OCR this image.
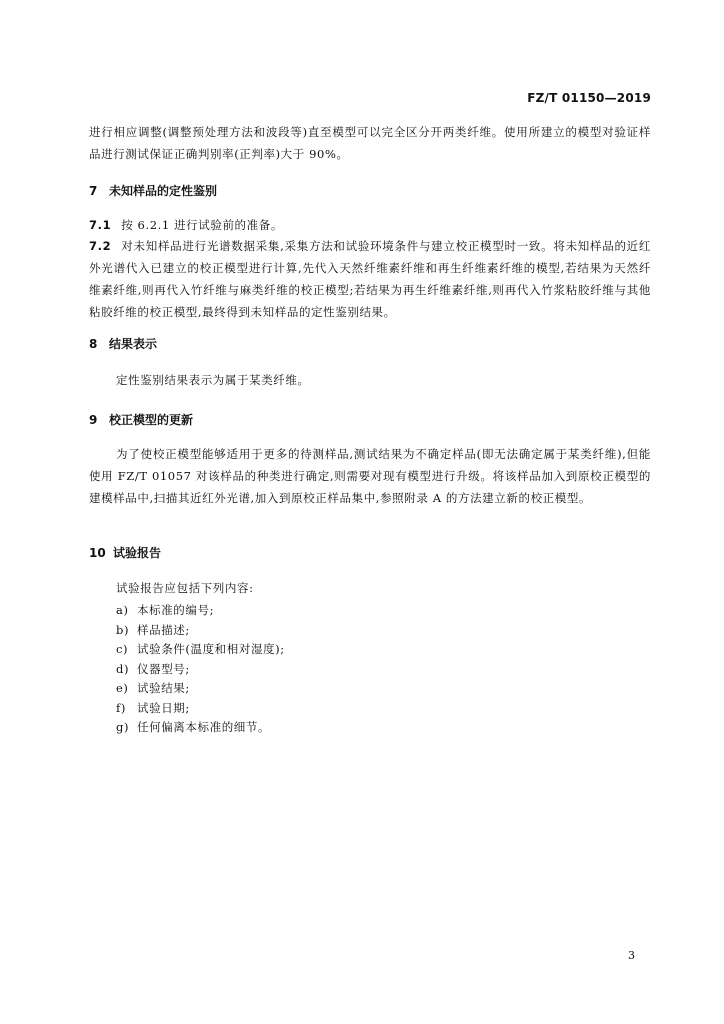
FZ/T 01150—2019
进行相应调整(调整预处理方法和波段等)直至模型可以完全区分开两类纤维。使用所建立的模型对验证样品进行测试保证正确判别率(正判率)大于 90%。
7 未知样品的定性鉴别
7.1 按 6.2.1 进行试验前的准备。
7.2 对未知样品进行光谱数据采集,采集方法和试验环境条件与建立校正模型时一致。将未知样品的近红外光谱代入已建立的校正模型进行计算,先代入天然纤维素纤维和再生纤维素纤维的模型,若结果为天然纤维素纤维,则再代入竹纤维与麻类纤维的校正模型;若结果为再生纤维素纤维,则再代入竹浆粘胶纤维与其他粘胶纤维的校正模型,最终得到未知样品的定性鉴别结果。
8 结果表示
定性鉴别结果表示为属于某类纤维。
9 校正模型的更新
为了使校正模型能够适用于更多的待测样品,测试结果为不确定样品(即无法确定属于某类纤维),但能使用 FZ/T 01057 对该样品的种类进行确定,则需要对现有模型进行升级。将该样品加入到原校正模型的建模样品中,扫描其近红外光谱,加入到原校正样品集中,参照附录 A 的方法建立新的校正模型。
10 试验报告
试验报告应包括下列内容:
a) 本标准的编号;
b) 样品描述;
c) 试验条件(温度和相对湿度);
d) 仪器型号;
e) 试验结果;
f) 试验日期;
g) 任何偏离本标准的细节。
3
